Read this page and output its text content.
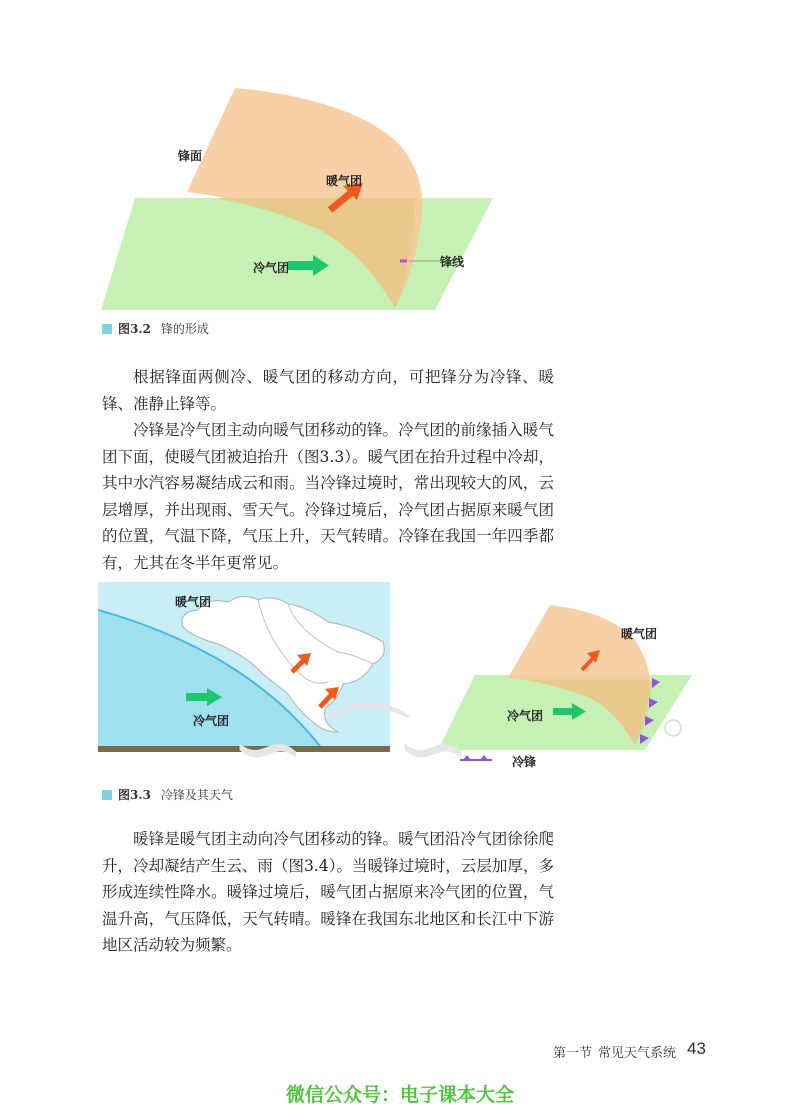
锋面
暖气团
冷气团	锋线
图3.2 锋的形成

根据锋面两侧冷、暖气团的移动方向，可把锋分为冷锋、暖锋、准静止锋等。

冷锋是冷气团主动向暖气团移动的锋。冷气团的前缘插入暖气团下面，使暖气团被迫抬升（图3.3）。暖气团在抬升过程中冷却，其中水汽容易凝结成云和雨。当冷锋过境时，常出现较大的风，云层增厚，并出现雨、雪天气。冷锋过境后，冷气团占据原来暖气团的位置，气温下降，气压上升，天气转晴。冷锋在我国一年四季都有，尤其在冬半年更常见。

暖气团
冷气团
暖气团
冷气团
冷锋
∽⌒∽
图3.3 冷锋及其天气

暖锋是暖气团主动向冷气团移动的锋。暖气团沿冷气团徐徐爬升，冷却凝结产生云、雨（图3.4）。当暖锋过境时，云层加厚，多形成连续性降水。暖锋过境后，暖气团占据原来冷气团的位置，气温升高，气压降低，天气转晴。暖锋在我国东北地区和长江中下游地区活动较为频繁。

第一节 常见天气系统 43
微信公众号：电子课本大全
